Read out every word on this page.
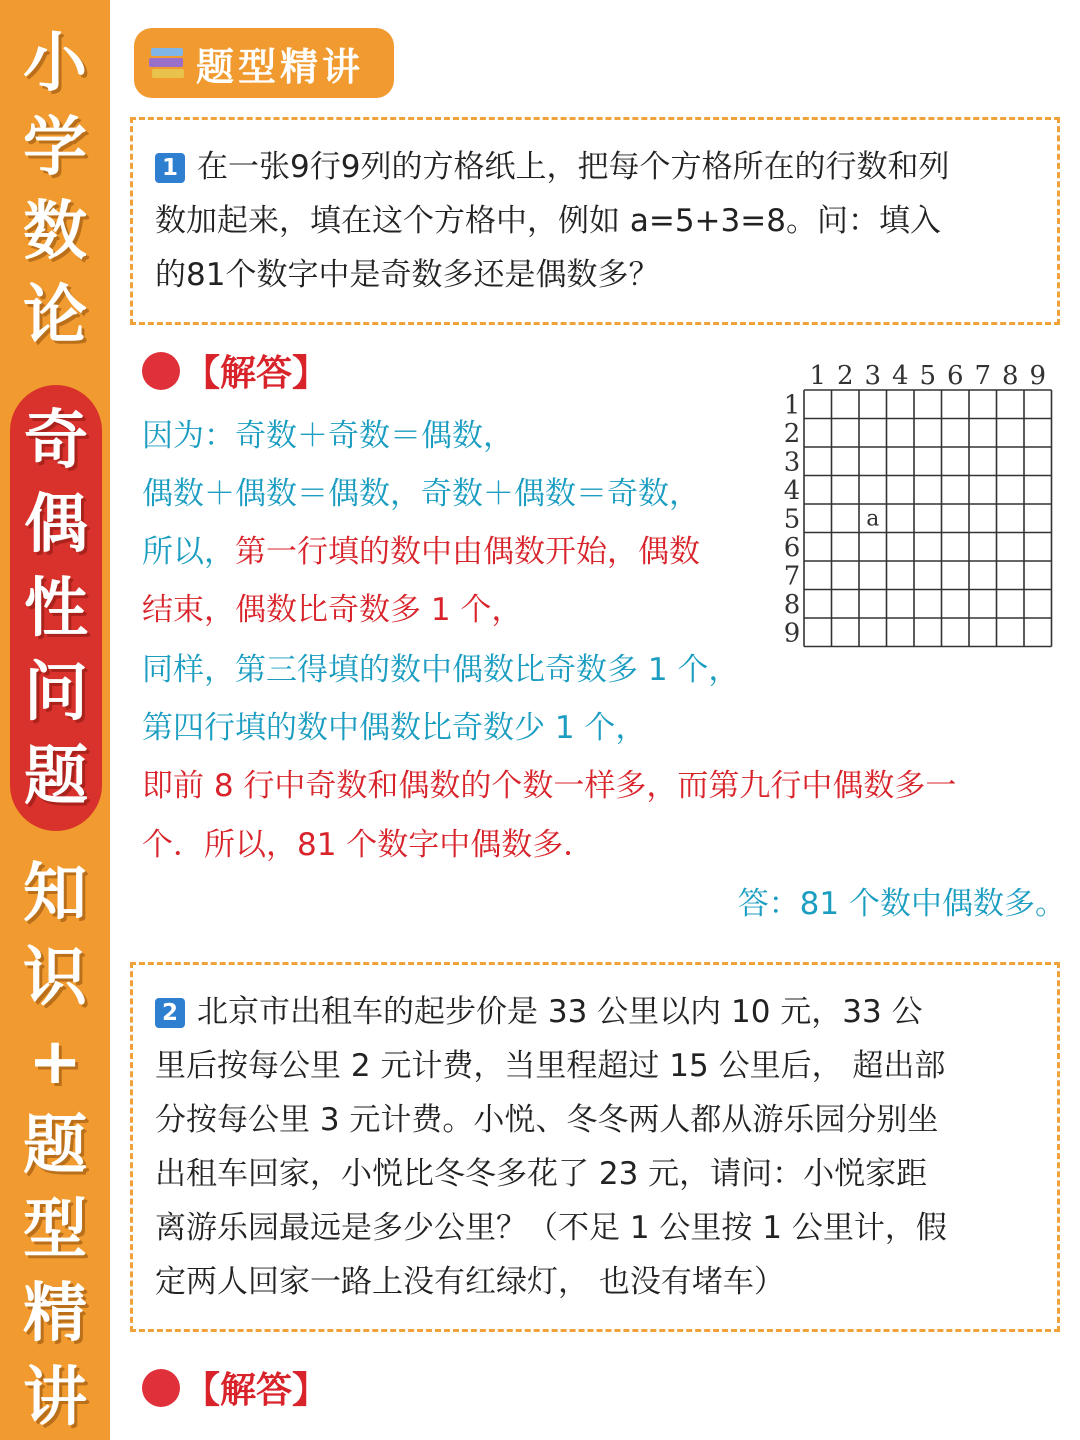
小
学
数
论
奇
偶
性
问
题
知
识
+
题
型
精
讲
题型精讲
1 在一张9行9列的方格纸上，把每个方格所在的行数和列
数加起来，填在这个方格中，例如 a=5+3=8。问：填入
的81个数字中是奇数多还是偶数多？
【解答】
因为：奇数＋奇数＝偶数，
偶数＋偶数＝偶数，奇数＋偶数＝奇数，
所以，第一行填的数中由偶数开始，偶数
结束，偶数比奇数多 1 个，
同样，第三得填的数中偶数比奇数多 1 个，
第四行填的数中偶数比奇数少 1 个，
即前 8 行中奇数和偶数的个数一样多，而第九行中偶数多一
个．所以，81 个数字中偶数多．
答：81 个数中偶数多。
1 2 3 4 5 6 7 8 9
1
2
3
4
5
6
7
8
9
a
2 北京市出租车的起步价是 33 公里以内 10 元，33 公
里后按每公里 2 元计费，当里程超过 15 公里后， 超出部
分按每公里 3 元计费。小悦、冬冬两人都从游乐园分别坐
出租车回家，小悦比冬冬多花了 23 元，请问：小悦家距
离游乐园最远是多少公里？（不足 1 公里按 1 公里计，假
定两人回家一路上没有红绿灯， 也没有堵车）
【解答】
